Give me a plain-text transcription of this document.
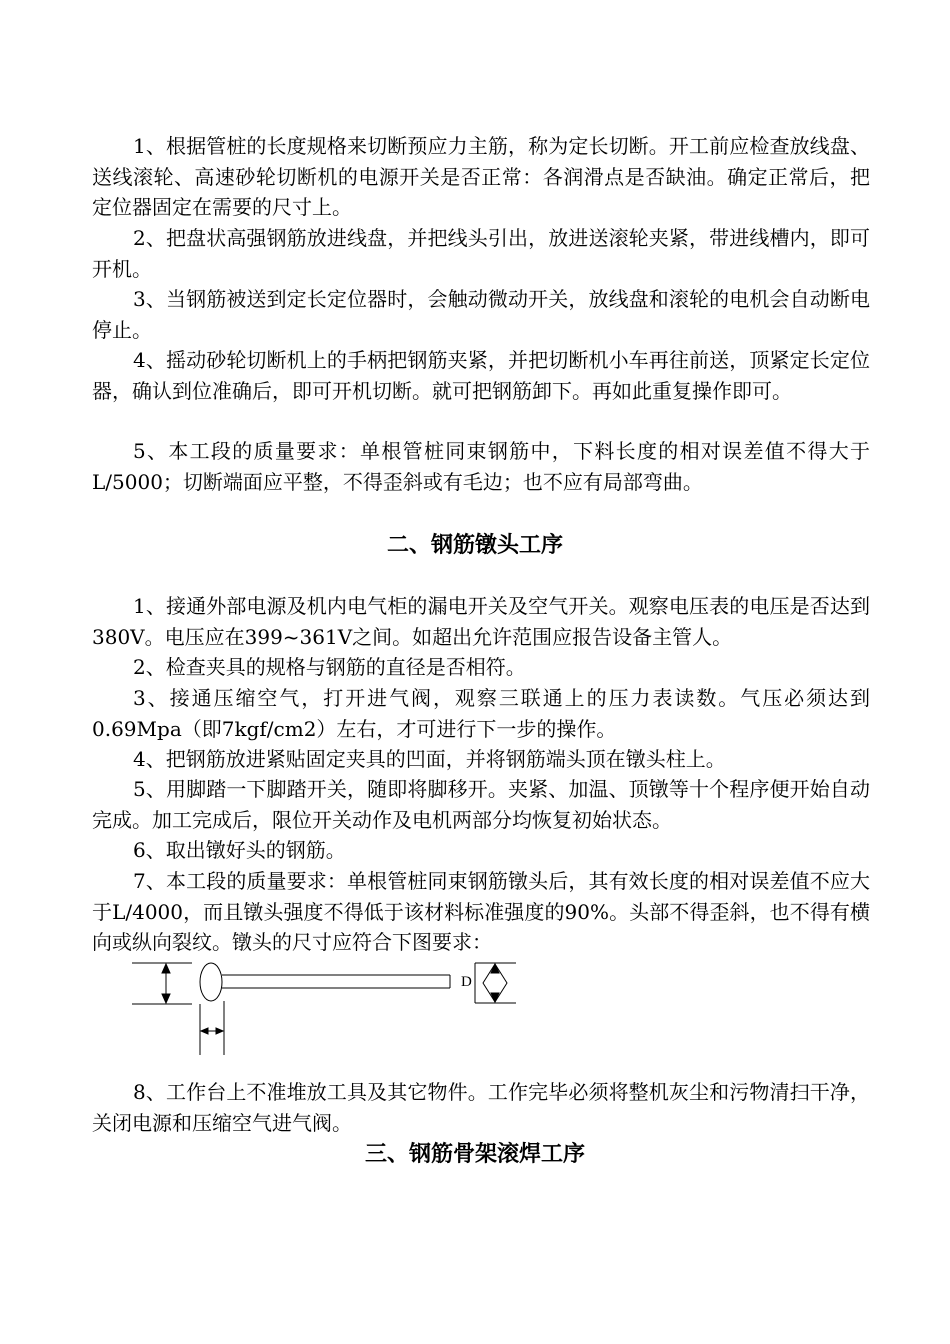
1、根据管桩的长度规格来切断预应力主筋，称为定长切断。开工前应检查放线盘、送线滚轮、高速砂轮切断机的电源开关是否正常：各润滑点是否缺油。确定正常后，把定位器固定在需要的尺寸上。

2、把盘状高强钢筋放进线盘，并把线头引出，放进送滚轮夹紧，带进线槽内，即可开机。

3、当钢筋被送到定长定位器时，会触动微动开关，放线盘和滚轮的电机会自动断电停止。

4、摇动砂轮切断机上的手柄把钢筋夹紧，并把切断机小车再往前送，顶紧定长定位器，确认到位准确后，即可开机切断。就可把钢筋卸下。再如此重复操作即可。

5、本工段的质量要求：单根管桩同束钢筋中，下料长度的相对误差值不得大于L/5000；切断端面应平整，不得歪斜或有毛边；也不应有局部弯曲。

二、钢筋镦头工序

1、接通外部电源及机内电气柜的漏电开关及空气开关。观察电压表的电压是否达到380V。电压应在399~361V之间。如超出允许范围应报告设备主管人。

2、检查夹具的规格与钢筋的直径是否相符。

3、接通压缩空气，打开进气阀，观察三联通上的压力表读数。气压必须达到0.69Mpa（即7kgf/cm2）左右，才可进行下一步的操作。

4、把钢筋放进紧贴固定夹具的凹面，并将钢筋端头顶在镦头柱上。

5、用脚踏一下脚踏开关，随即将脚移开。夹紧、加温、顶镦等十个程序便开始自动完成。加工完成后，限位开关动作及电机两部分均恢复初始状态。

6、取出镦好头的钢筋。

7、本工段的质量要求：单根管桩同束钢筋镦头后，其有效长度的相对误差值不应大于L/4000，而且镦头强度不得低于该材料标准强度的90%。头部不得歪斜，也不得有横向或纵向裂纹。镦头的尺寸应符合下图要求：

D

8、工作台上不准堆放工具及其它物件。工作完毕必须将整机灰尘和污物清扫干净，关闭电源和压缩空气进气阀。

三、钢筋骨架滚焊工序
